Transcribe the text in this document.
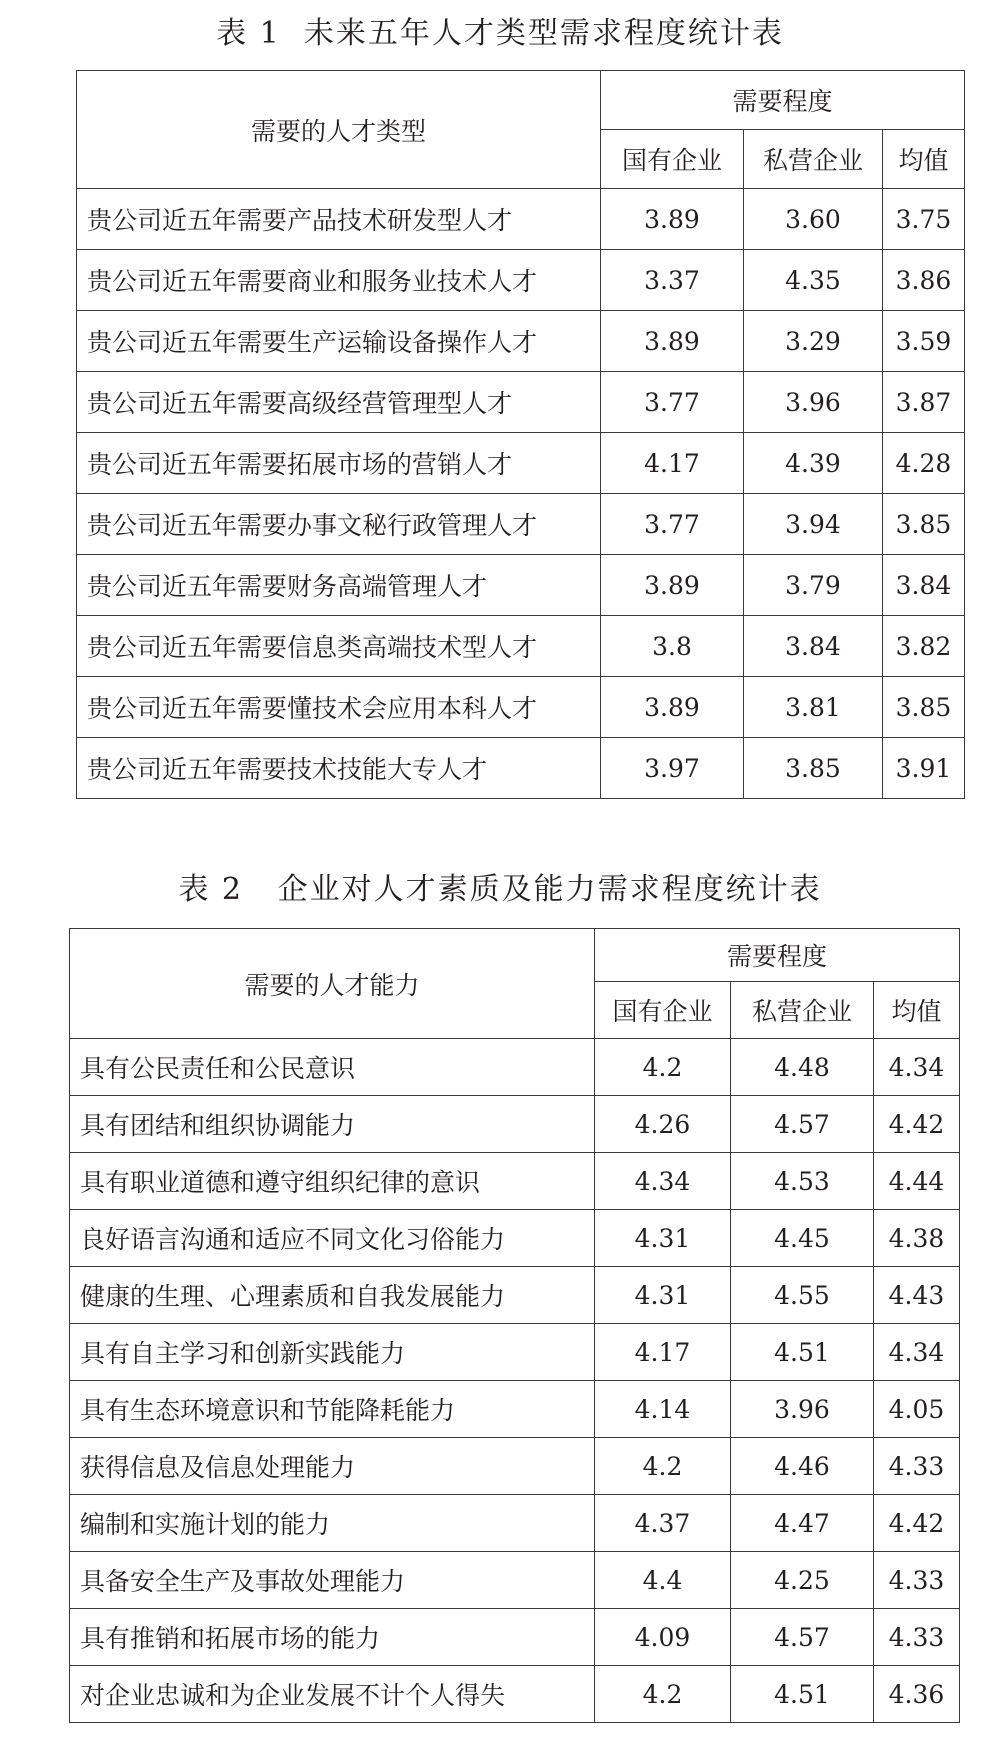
表 1  未来五年人才类型需求程度统计表
需要的人才类型	需要程度		
	国有企业	私营企业	均值
贵公司近五年需要产品技术研发型人才	3.89	3.60	3.75
贵公司近五年需要商业和服务业技术人才	3.37	4.35	3.86
贵公司近五年需要生产运输设备操作人才	3.89	3.29	3.59
贵公司近五年需要高级经营管理型人才	3.77	3.96	3.87
贵公司近五年需要拓展市场的营销人才	4.17	4.39	4.28
贵公司近五年需要办事文秘行政管理人才	3.77	3.94	3.85
贵公司近五年需要财务高端管理人才	3.89	3.79	3.84
贵公司近五年需要信息类高端技术型人才	3.8	3.84	3.82
贵公司近五年需要懂技术会应用本科人才	3.89	3.81	3.85
贵公司近五年需要技术技能大专人才	3.97	3.85	3.91
表 2   企业对人才素质及能力需求程度统计表
需要的人才能力	需要程度		
	国有企业	私营企业	均值
具有公民责任和公民意识	4.2	4.48	4.34
具有团结和组织协调能力	4.26	4.57	4.42
具有职业道德和遵守组织纪律的意识	4.34	4.53	4.44
良好语言沟通和适应不同文化习俗能力	4.31	4.45	4.38
健康的生理、心理素质和自我发展能力	4.31	4.55	4.43
具有自主学习和创新实践能力	4.17	4.51	4.34
具有生态环境意识和节能降耗能力	4.14	3.96	4.05
获得信息及信息处理能力	4.2	4.46	4.33
编制和实施计划的能力	4.37	4.47	4.42
具备安全生产及事故处理能力	4.4	4.25	4.33
具有推销和拓展市场的能力	4.09	4.57	4.33
对企业忠诚和为企业发展不计个人得失	4.2	4.51	4.36
